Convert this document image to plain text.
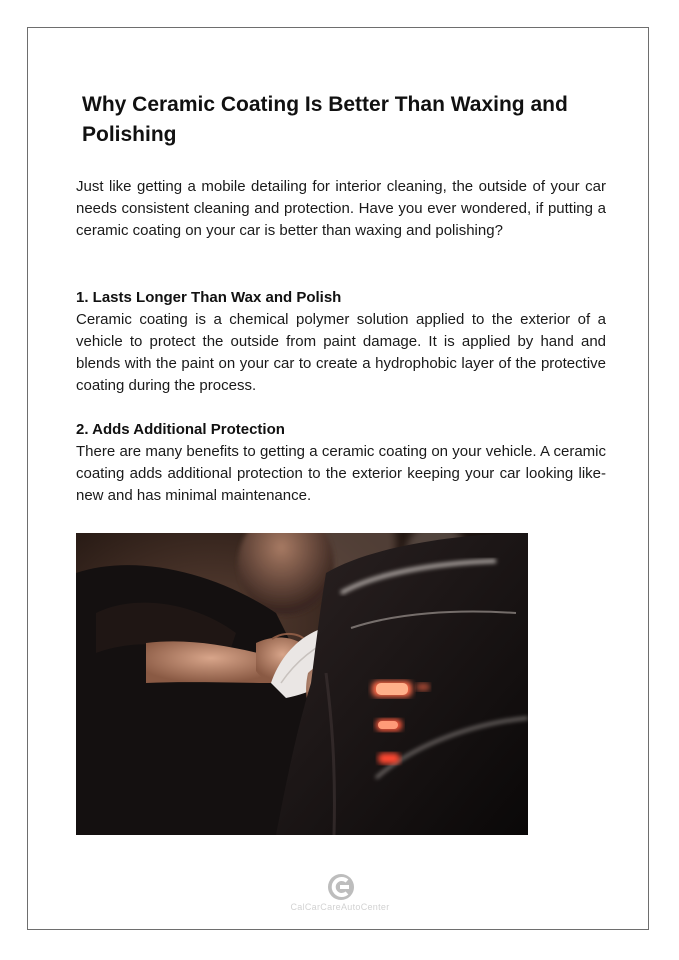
Why Ceramic Coating Is Better Than Waxing and Polishing

Just like getting a mobile detailing for interior cleaning, the outside of your car needs consistent cleaning and protection. Have you ever wondered, if putting a ceramic coating on your car is better than waxing and polishing?

1. Lasts Longer Than Wax and Polish

Ceramic coating is a chemical polymer solution applied to the exterior of a vehicle to protect the outside from paint damage. It is applied by hand and blends with the paint on your car to create a hydrophobic layer of the protective coating during the process.

2. Adds Additional Protection

There are many benefits to getting a ceramic coating on your vehicle. A ceramic coating adds additional protection to the exterior keeping your car looking like-new and has minimal maintenance.

CalCarCareAutoCenter
